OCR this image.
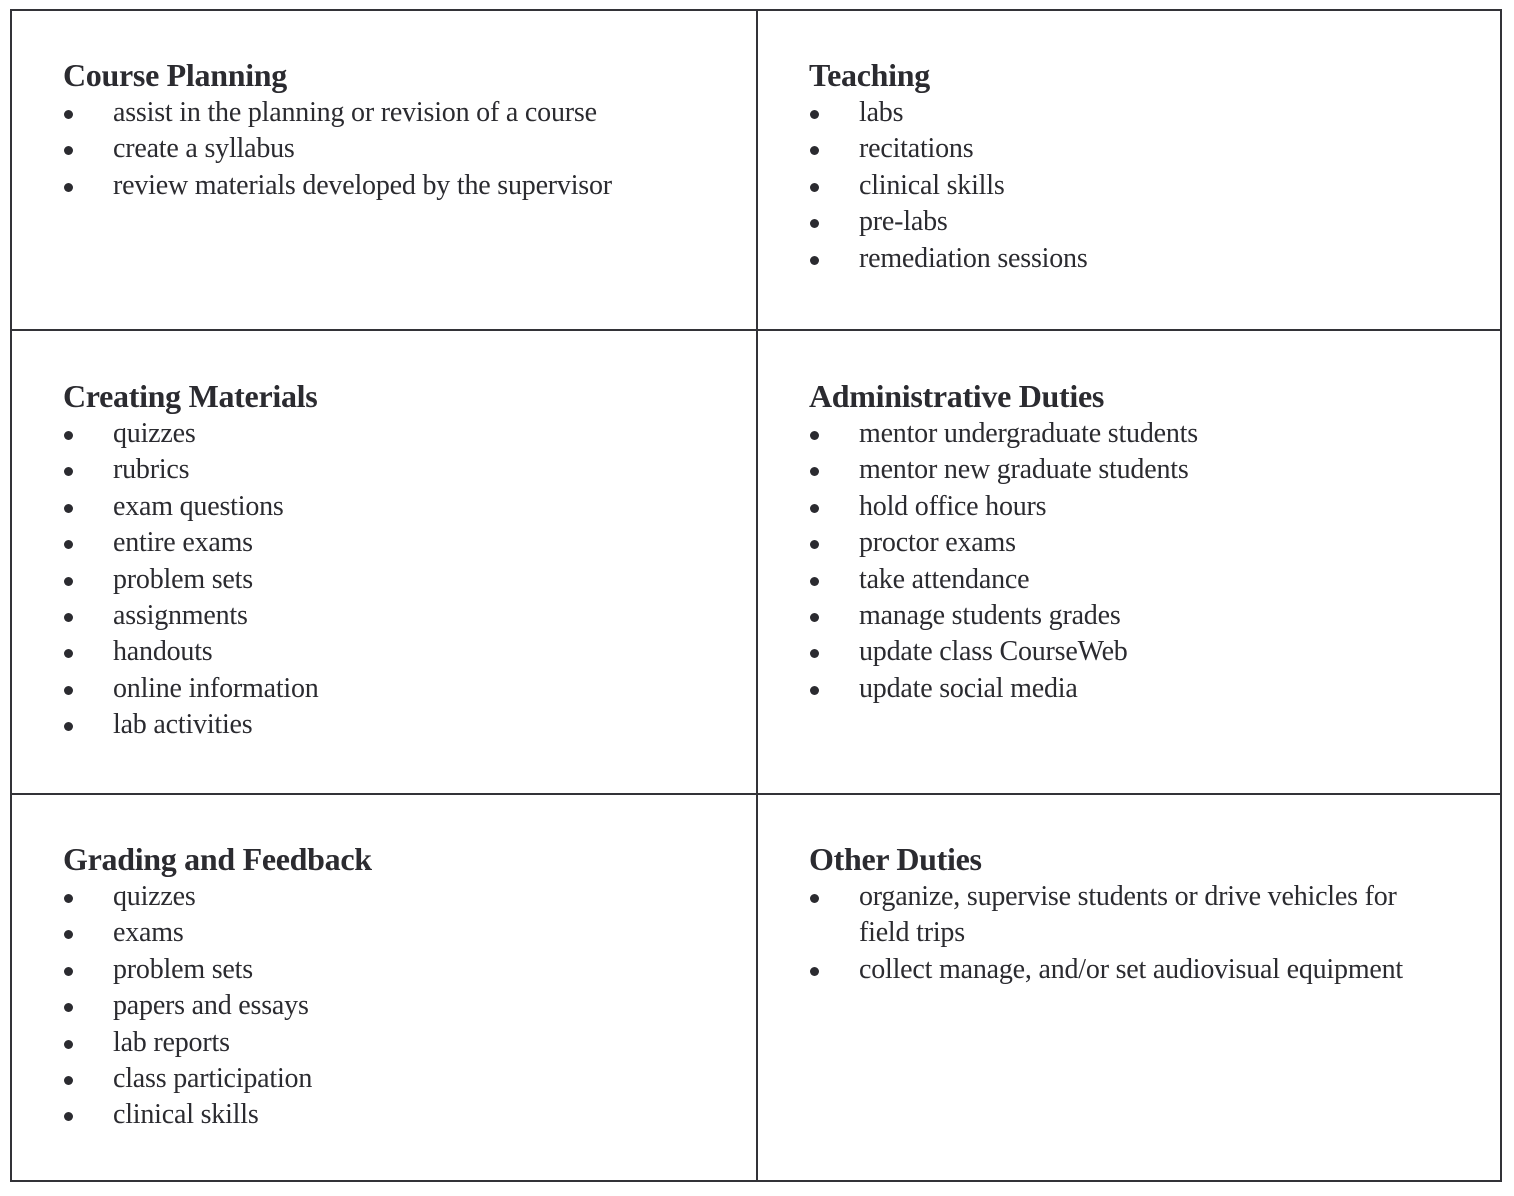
Course Planning
assist in the planning or revision of a course
create a syllabus
review materials developed by the supervisor
Teaching
labs
recitations
clinical skills
pre-labs
remediation sessions
Creating Materials
quizzes
rubrics
exam questions
entire exams
problem sets
assignments
handouts
online information
lab activities
Administrative Duties
mentor undergraduate students
mentor new graduate students
hold office hours
proctor exams
take attendance
manage students grades
update class CourseWeb
update social media
Grading and Feedback
quizzes
exams
problem sets
papers and essays
lab reports
class participation
clinical skills
Other Duties
organize, supervise students or drive vehicles for field trips
collect manage, and/or set audiovisual equipment
